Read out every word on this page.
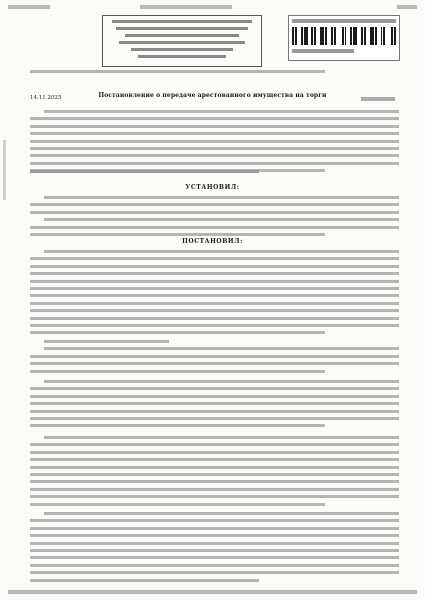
Постановление о передаче арестованного имущества на торги
14.11.2025
УСТАНОВИЛ:
ПОСТАНОВИЛ:
